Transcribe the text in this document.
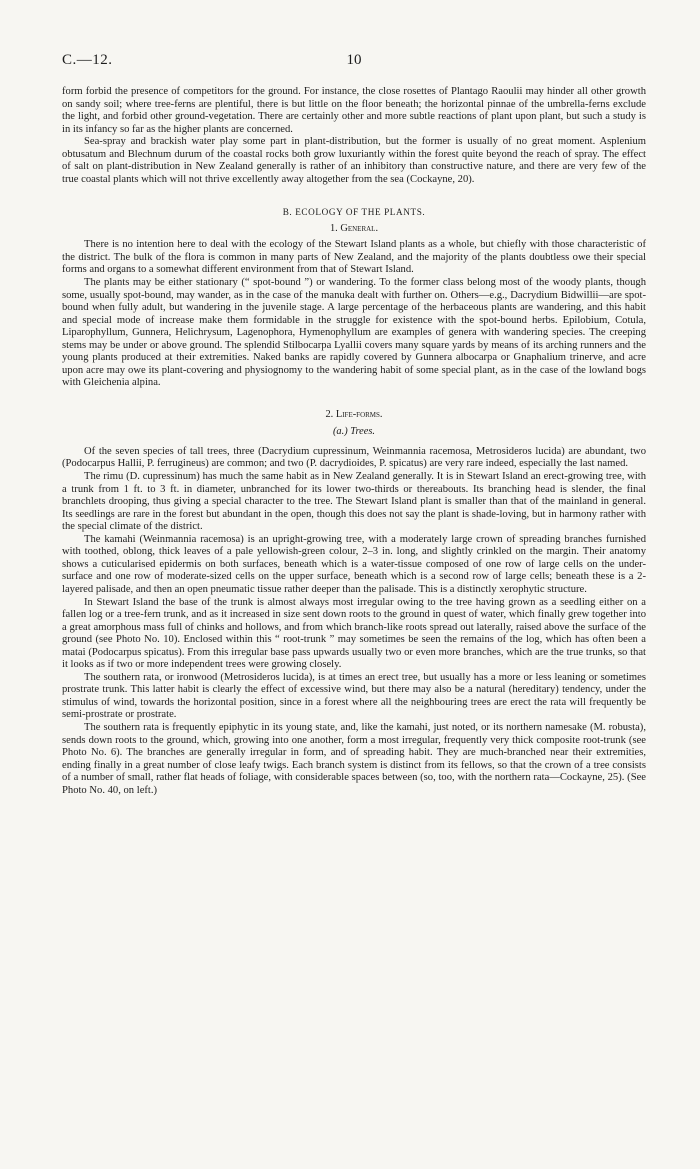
C.—12.	10

form forbid the presence of competitors for the ground. For instance, the close rosettes of Plantago Raoulii may hinder all other growth on sandy soil; where tree-ferns are plentiful, there is but little on the floor beneath; the horizontal pinnae of the umbrella-ferns exclude the light, and forbid other ground-vegetation. There are certainly other and more subtle reactions of plant upon plant, but such a study is in its infancy so far as the higher plants are concerned.

Sea-spray and brackish water play some part in plant-distribution, but the former is usually of no great moment. Asplenium obtusatum and Blechnum durum of the coastal rocks both grow luxuriantly within the forest quite beyond the reach of spray. The effect of salt on plant-distribution in New Zealand generally is rather of an inhibitory than constructive nature, and there are very few of the true coastal plants which will not thrive excellently away altogether from the sea (Cockayne, 20).

B. ECOLOGY OF THE PLANTS.
1. General.

There is no intention here to deal with the ecology of the Stewart Island plants as a whole, but chiefly with those characteristic of the district. The bulk of the flora is common in many parts of New Zealand, and the majority of the plants doubtless owe their special forms and organs to a somewhat different environment from that of Stewart Island.

The plants may be either stationary (“ spot-bound ”) or wandering. To the former class belong most of the woody plants, though some, usually spot-bound, may wander, as in the case of the manuka dealt with further on. Others—e.g., Dacrydium Bidwillii—are spot-bound when fully adult, but wandering in the juvenile stage. A large percentage of the herbaceous plants are wandering, and this habit and special mode of increase make them formidable in the struggle for existence with the spot-bound herbs. Epilobium, Cotula, Liparophyllum, Gunnera, Helichrysum, Lagenophora, Hymenophyllum are examples of genera with wandering species. The creeping stems may be under or above ground. The splendid Stilbocarpa Lyallii covers many square yards by means of its arching runners and the young plants produced at their extremities. Naked banks are rapidly covered by Gunnera albocarpa or Gnaphalium trinerve, and acre upon acre may owe its plant-covering and physiognomy to the wandering habit of some special plant, as in the case of the lowland bogs with Gleichenia alpina.

2. Life-forms.
(a.) Trees.

Of the seven species of tall trees, three (Dacrydium cupressinum, Weinmannia racemosa, Metrosideros lucida) are abundant, two (Podocarpus Hallii, P. ferrugineus) are common; and two (P. dacrydioides, P. spicatus) are very rare indeed, especially the last named.

The rimu (D. cupressinum) has much the same habit as in New Zealand generally. It is in Stewart Island an erect-growing tree, with a trunk from 1 ft. to 3 ft. in diameter, unbranched for its lower two-thirds or thereabouts. Its branching head is slender, the final branchlets drooping, thus giving a special character to the tree. The Stewart Island plant is smaller than that of the mainland in general. Its seedlings are rare in the forest but abundant in the open, though this does not say the plant is shade-loving, but in harmony rather with the special climate of the district.

The kamahi (Weinmannia racemosa) is an upright-growing tree, with a moderately large crown of spreading branches furnished with toothed, oblong, thick leaves of a pale yellowish-green colour, 2–3 in. long, and slightly crinkled on the margin. Their anatomy shows a cuticularised epidermis on both surfaces, beneath which is a water-tissue composed of one row of large cells on the under-surface and one row of moderate-sized cells on the upper surface, beneath which is a second row of large cells; beneath these is a 2-layered palisade, and then an open pneumatic tissue rather deeper than the palisade. This is a distinctly xerophytic structure.

In Stewart Island the base of the trunk is almost always most irregular owing to the tree having grown as a seedling either on a fallen log or a tree-fern trunk, and as it increased in size sent down roots to the ground in quest of water, which finally grew together into a great amorphous mass full of chinks and hollows, and from which branch-like roots spread out laterally, raised above the surface of the ground (see Photo No. 10). Enclosed within this “ root-trunk ” may sometimes be seen the remains of the log, which has often been a matai (Podocarpus spicatus). From this irregular base pass upwards usually two or even more branches, which are the true trunks, so that it looks as if two or more independent trees were growing closely.

The southern rata, or ironwood (Metrosideros lucida), is at times an erect tree, but usually has a more or less leaning or sometimes prostrate trunk. This latter habit is clearly the effect of excessive wind, but there may also be a natural (hereditary) tendency, under the stimulus of wind, towards the horizontal position, since in a forest where all the neighbouring trees are erect the rata will frequently be semi-prostrate or prostrate.

The southern rata is frequently epiphytic in its young state, and, like the kamahi, just noted, or its northern namesake (M. robusta), sends down roots to the ground, which, growing into one another, form a most irregular, frequently very thick composite root-trunk (see Photo No. 6). The branches are generally irregular in form, and of spreading habit. They are much-branched near their extremities, ending finally in a great number of close leafy twigs. Each branch system is distinct from its fellows, so that the crown of a tree consists of a number of small, rather flat heads of foliage, with considerable spaces between (so, too, with the northern rata—Cockayne, 25). (See Photo No. 40, on left.)
